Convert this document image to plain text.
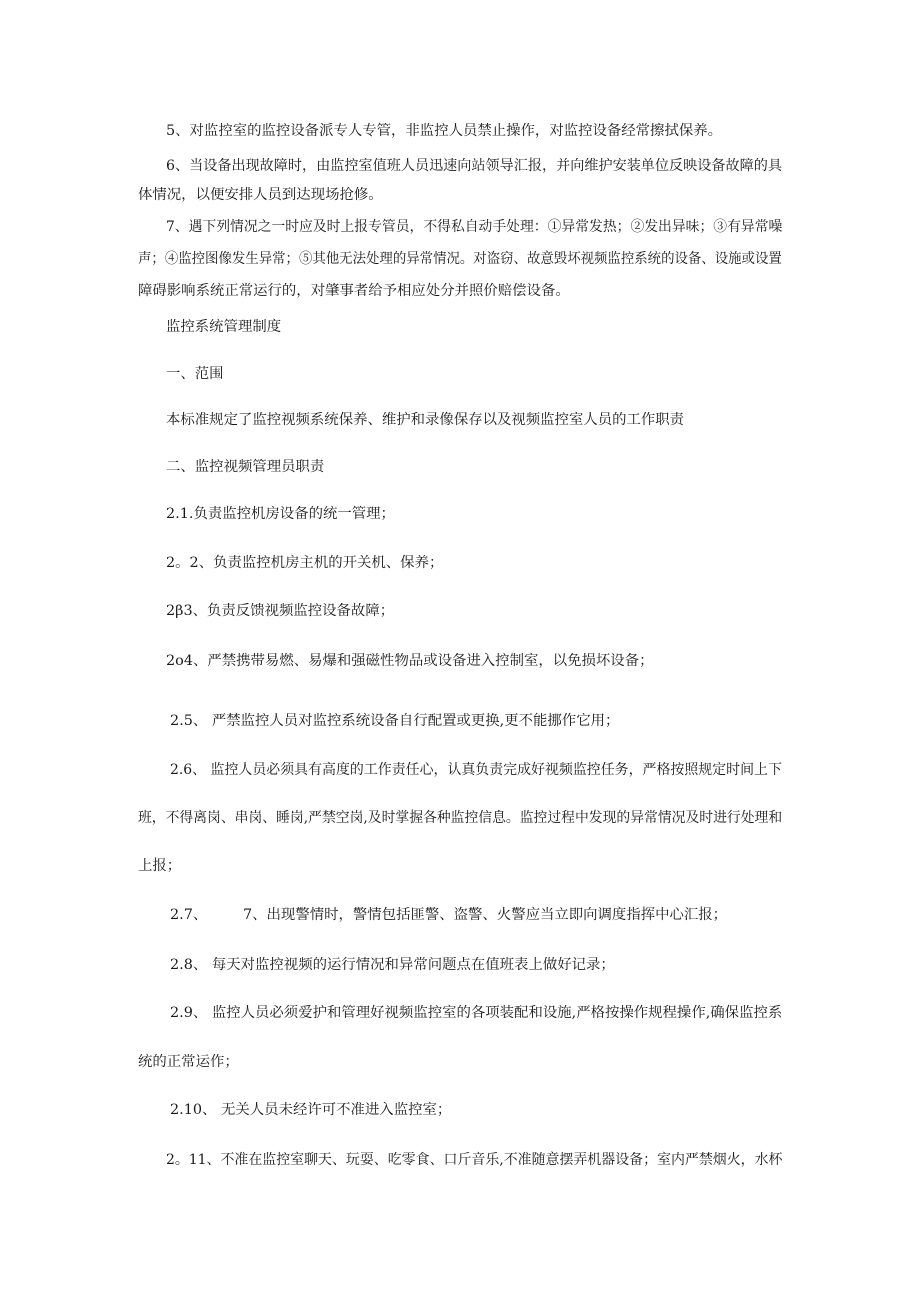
5、对监控室的监控设备派专人专管，非监控人员禁止操作，对监控设备经常擦拭保养。

6、当设备出现故障时，由监控室值班人员迅速向站领导汇报，并向维护安装单位反映设备故障的具

体情况，以便安排人员到达现场抢修。

7、遇下列情况之一时应及时上报专管员，不得私自动手处理：①异常发热；②发出异味；③有异常噪

声；④监控图像发生异常；⑤其他无法处理的异常情况。对盗窃、故意毁坏视频监控系统的设备、设施或设置

障碍影响系统正常运行的，对肇事者给予相应处分并照价赔偿设备。

监控系统管理制度

一、范围

本标准规定了监控视频系统保养、维护和录像保存以及视频监控室人员的工作职责

二、监控视频管理员职责

2.1.负责监控机房设备的统一管理；

2。2、负责监控机房主机的开关机、保养；

2β3、负责反馈视频监控设备故障；

2o4、严禁携带易燃、易爆和强磁性物品或设备进入控制室，以免损坏设备；

2.5、 严禁监控人员对监控系统设备自行配置或更换,更不能挪作它用；

2.6、 监控人员必须具有高度的工作责任心，认真负责完成好视频监控任务，严格按照规定时间上下

班，不得离岗、串岗、睡岗,严禁空岗,及时掌握各种监控信息。监控过程中发现的异常情况及时进行处理和

上报；

2.7、 7、出现警情时，警情包括匪警、盗警、火警应当立即向调度指挥中心汇报；

2.8、 每天对监控视频的运行情况和异常问题点在值班表上做好记录；

2.9、 监控人员必须爱护和管理好视频监控室的各项装配和设施,严格按操作规程操作,确保监控系

统的正常运作；

2.10、 无关人员未经许可不准进入监控室；

2。11、不准在监控室聊天、玩耍、吃零食、口斤音乐,不准随意摆弄机器设备；室内严禁烟火，水杯
